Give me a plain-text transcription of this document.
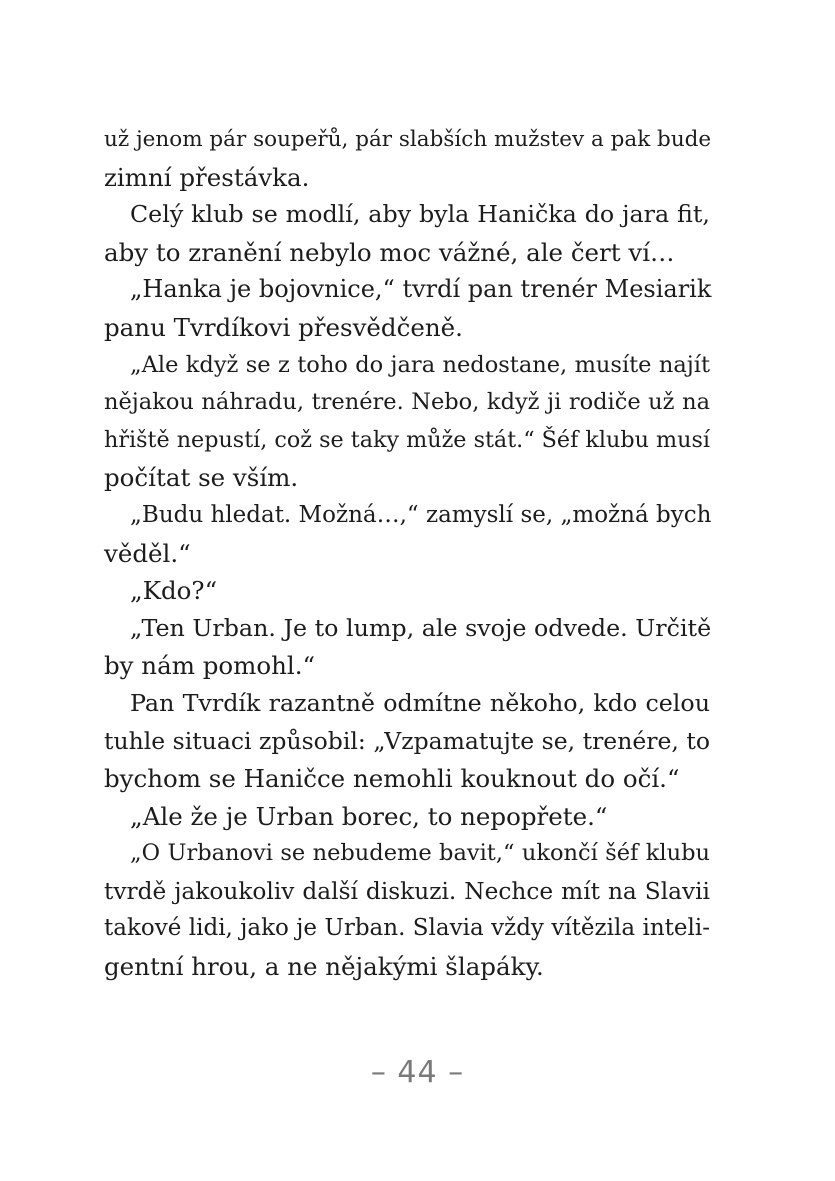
už jenom pár soupeřů, pár slabších mužstev a pak bude
zimní přestávka.
Celý klub se modlí, aby byla Hanička do jara fit,
aby to zranění nebylo moc vážné, ale čert ví…
„Hanka je bojovnice,“ tvrdí pan trenér Mesiarik
panu Tvrdíkovi přesvědčeně.
„Ale když se z toho do jara nedostane, musíte najít
nějakou náhradu, trenére. Nebo, když ji rodiče už na
hřiště nepustí, což se taky může stát.“ Šéf klubu musí
počítat se vším.
„Budu hledat. Možná…,“ zamyslí se, „možná bych
věděl.“
„Kdo?“
„Ten Urban. Je to lump, ale svoje odvede. Určitě
by nám pomohl.“
Pan Tvrdík razantně odmítne někoho, kdo celou
tuhle situaci způsobil: „Vzpamatujte se, trenére, to
bychom se Haničce nemohli kouknout do očí.“
„Ale že je Urban borec, to nepopřete.“
„O Urbanovi se nebudeme bavit,“ ukončí šéf klubu
tvrdě jakoukoliv další diskuzi. Nechce mít na Slavii
takové lidi, jako je Urban. Slavia vždy vítězila inteli-
gentní hrou, a ne nějakými šlapáky.
– 44 –
